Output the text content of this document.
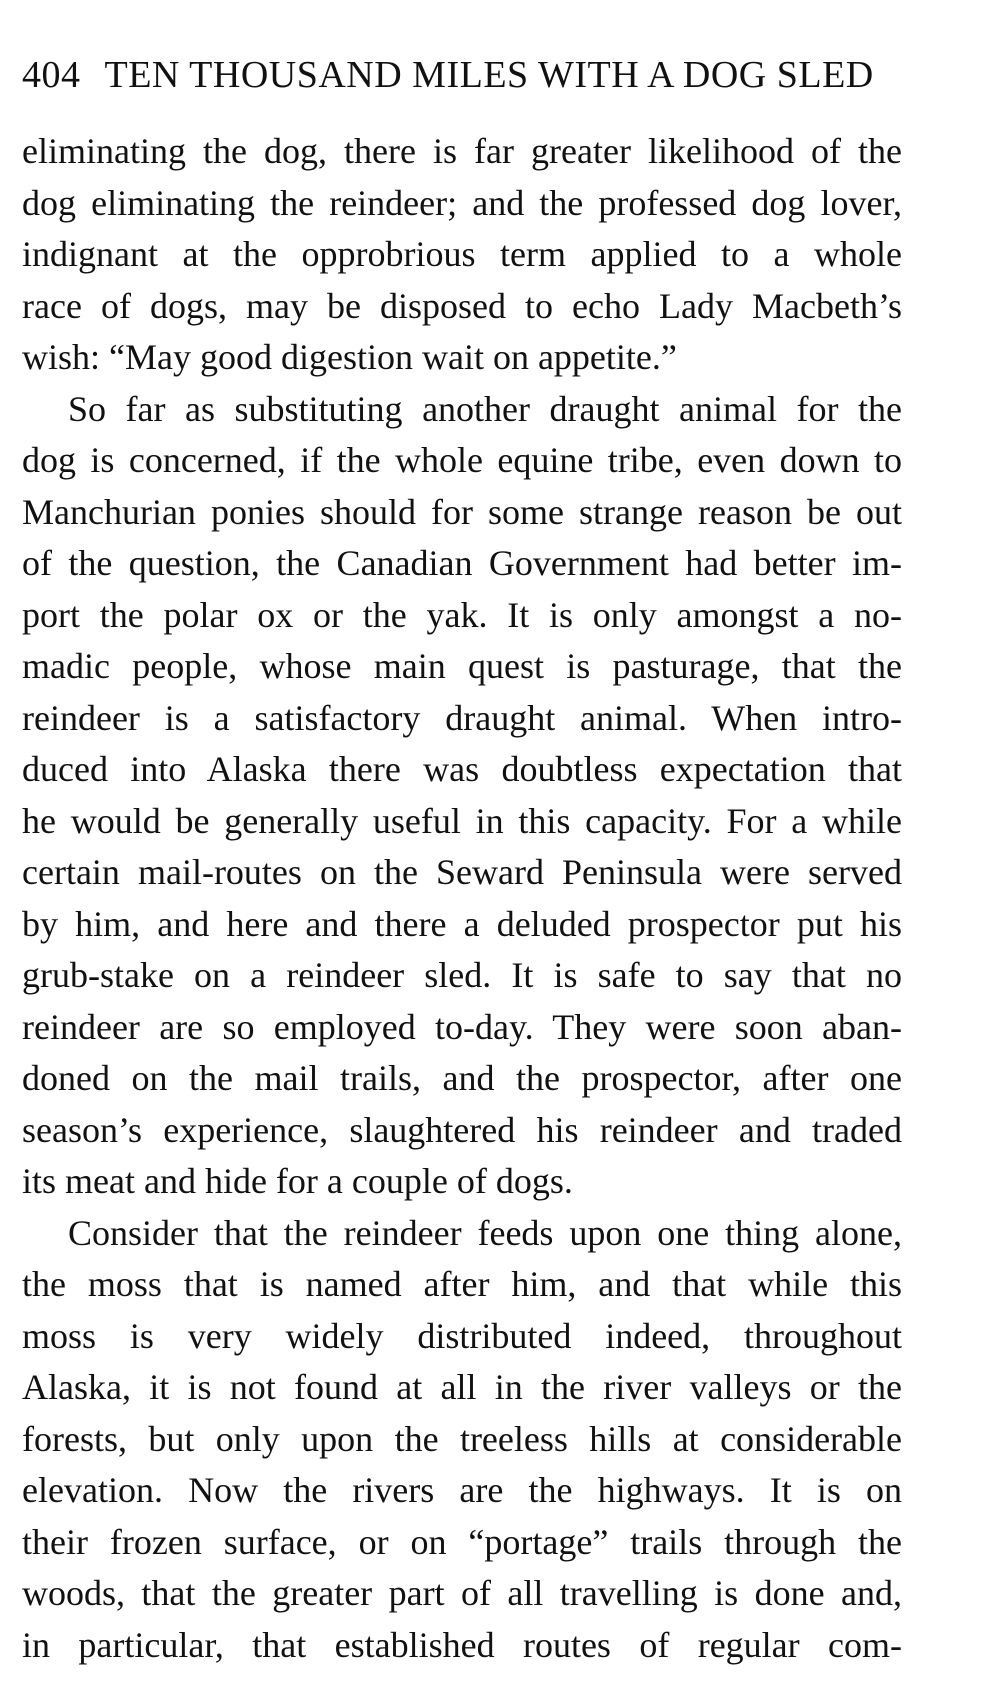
404 TEN THOUSAND MILES WITH A DOG SLED
eliminating the dog, there is far greater likelihood of the
dog eliminating the reindeer; and the professed dog lover,
indignant at the opprobrious term applied to a whole
race of dogs, may be disposed to echo Lady Macbeth’s
wish: “May good digestion wait on appetite.”
So far as substituting another draught animal for the
dog is concerned, if the whole equine tribe, even down to
Manchurian ponies should for some strange reason be out
of the question, the Canadian Government had better im-
port the polar ox or the yak. It is only amongst a no-
madic people, whose main quest is pasturage, that the
reindeer is a satisfactory draught animal. When intro-
duced into Alaska there was doubtless expectation that
he would be generally useful in this capacity. For a while
certain mail-routes on the Seward Peninsula were served
by him, and here and there a deluded prospector put his
grub-stake on a reindeer sled. It is safe to say that no
reindeer are so employed to-day. They were soon aban-
doned on the mail trails, and the prospector, after one
season’s experience, slaughtered his reindeer and traded
its meat and hide for a couple of dogs.
Consider that the reindeer feeds upon one thing alone,
the moss that is named after him, and that while this
moss is very widely distributed indeed, throughout
Alaska, it is not found at all in the river valleys or the
forests, but only upon the treeless hills at considerable
elevation. Now the rivers are the highways. It is on
their frozen surface, or on “portage” trails through the
woods, that the greater part of all travelling is done and,
in particular, that established routes of regular com-
